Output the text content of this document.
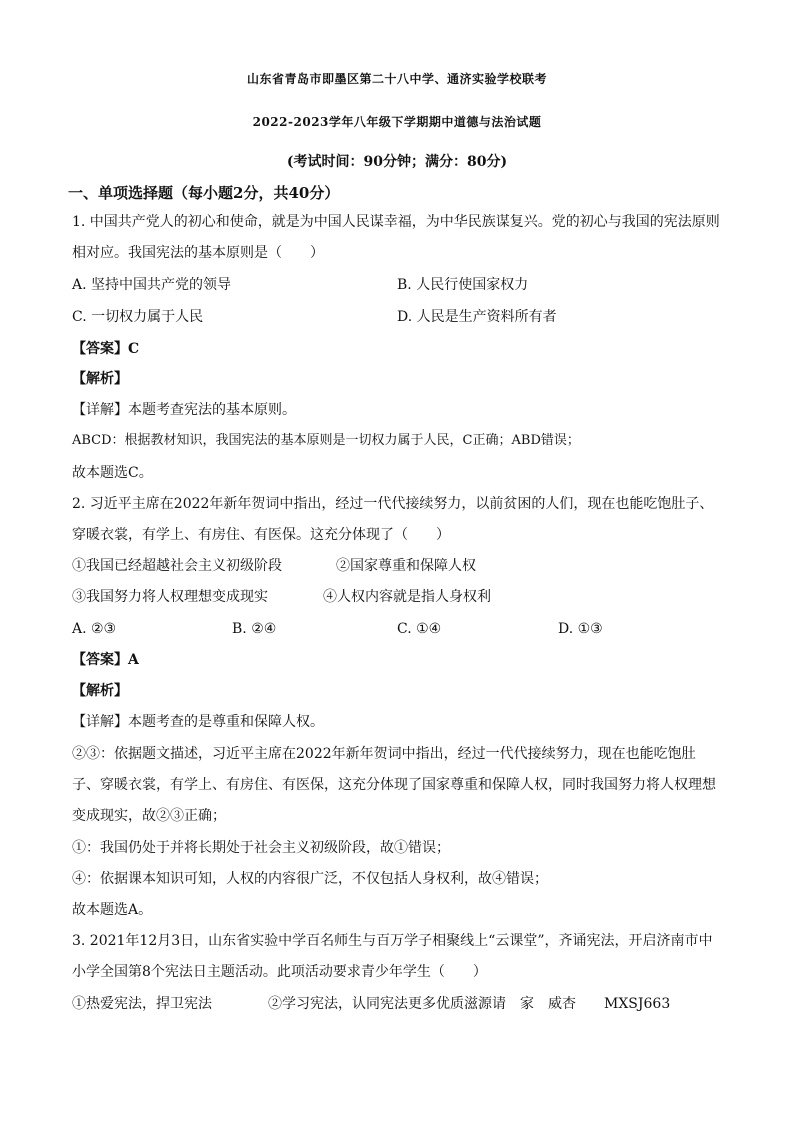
山东省青岛市即墨区第二十八中学、通济实验学校联考
2022-2023学年八年级下学期期中道德与法治试题
(考试时间：90分钟；满分：80分)
一、单项选择题（每小题2分，共40分）
1. 中国共产党人的初心和使命，就是为中国人民谋幸福，为中华民族谋复兴。党的初心与我国的宪法原则
相对应。我国宪法的基本原则是（　　）
A. 坚持中国共产党的领导	B. 人民行使国家权力
C. 一切权力属于人民	D. 人民是生产资料所有者
【答案】C
【解析】
【详解】本题考查宪法的基本原则。
ABCD：根据教材知识，我国宪法的基本原则是一切权力属于人民，C正确；ABD错误；
故本题选C。
2. 习近平主席在2022年新年贺词中指出，经过一代代接续努力，以前贫困的人们，现在也能吃饱肚子、
穿暖衣裳，有学上、有房住、有医保。这充分体现了（　　）
①我国已经超越社会主义初级阶段	②国家尊重和保障人权
③我国努力将人权理想变成现实	④人权内容就是指人身权利
A. ②③	B. ②④	C. ①④	D. ①③
【答案】A
【解析】
【详解】本题考查的是尊重和保障人权。
②③：依据题文描述，习近平主席在2022年新年贺词中指出，经过一代代接续努力，现在也能吃饱肚
子、穿暖衣裳，有学上、有房住、有医保，这充分体现了国家尊重和保障人权，同时我国努力将人权理想
变成现实，故②③正确；
①：我国仍处于并将长期处于社会主义初级阶段，故①错误；
④：依据课本知识可知，人权的内容很广泛，不仅包括人身权利，故④错误；
故本题选A。
3. 2021年12月3日，山东省实验中学百名师生与百万学子相聚线上“云课堂”，齐诵宪法，开启济南市中
小学全国第8个宪法日主题活动。此项活动要求青少年学生（　　）
①热爱宪法，捍卫宪法	②学习宪法，认同宪法更多优质滋源请　家　威杏　　MXSJ663
